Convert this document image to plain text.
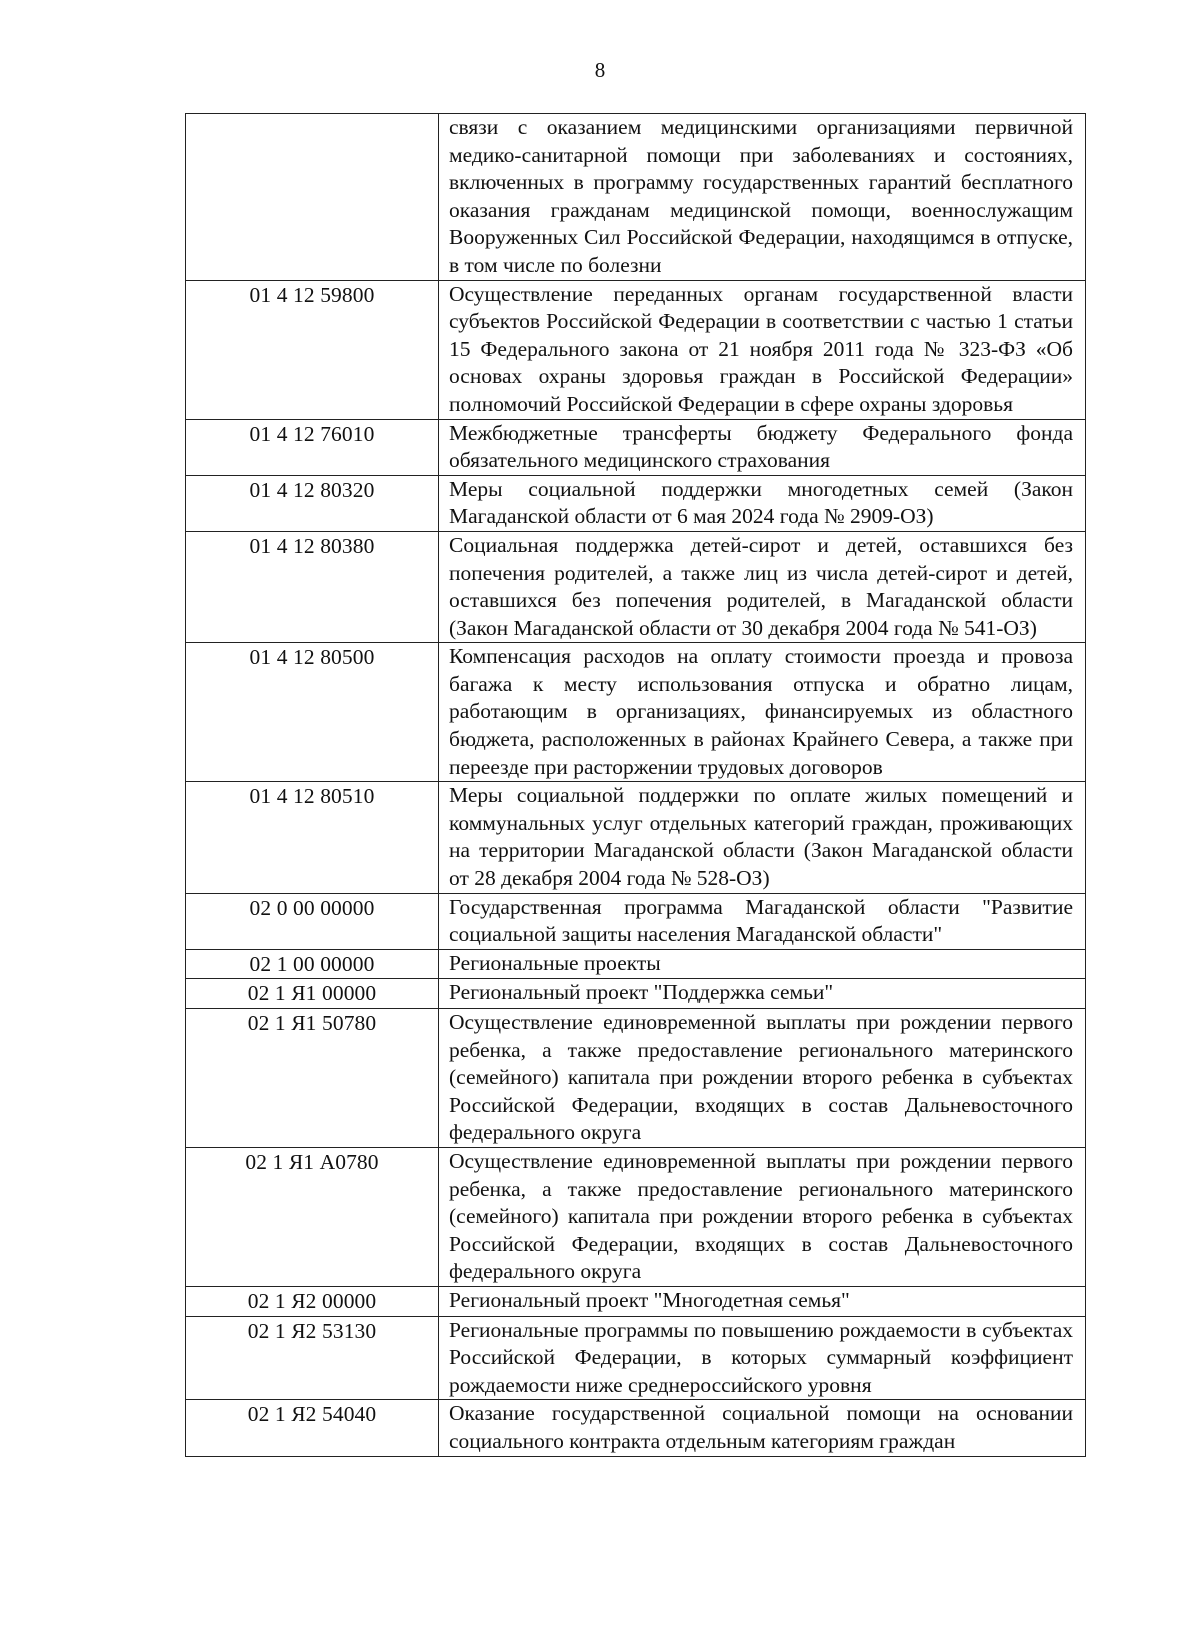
8
	связи с оказанием медицинскими организациями первичной медико-санитарной помощи при заболеваниях и состояниях, включенных в программу государственных гарантий бесплатного оказания гражданам медицинской помощи, военнослужащим Вооруженных Сил Российской Федерации, находящимся в отпуске, в том числе по болезни
01 4 12 59800	Осуществление переданных органам государственной власти субъектов Российской Федерации в соответствии с частью 1 статьи 15 Федерального закона от 21 ноября 2011 года № 323-ФЗ «Об основах охраны здоровья граждан в Российской Федерации» полномочий Российской Федерации в сфере охраны здоровья
01 4 12 76010	Межбюджетные трансферты бюджету Федерального фонда обязательного медицинского страхования
01 4 12 80320	Меры социальной поддержки многодетных семей (Закон Магаданской области от 6 мая 2024 года № 2909-ОЗ)
01 4 12 80380	Социальная поддержка детей-сирот и детей, оставшихся без попечения родителей, а также лиц из числа детей-сирот и детей, оставшихся без попечения родителей, в Магаданской области (Закон Магаданской области от 30 декабря 2004 года № 541-ОЗ)
01 4 12 80500	Компенсация расходов на оплату стоимости проезда и провоза багажа к месту использования отпуска и обратно лицам, работающим в организациях, финансируемых из областного бюджета, расположенных в районах Крайнего Севера, а также при переезде при расторжении трудовых договоров
01 4 12 80510	Меры социальной поддержки по оплате жилых помещений и коммунальных услуг отдельных категорий граждан, проживающих на территории Магаданской области (Закон Магаданской области от 28 декабря 2004 года № 528-ОЗ)
02 0 00 00000	Государственная программа Магаданской области "Развитие социальной защиты населения Магаданской области"
02 1 00 00000	Региональные проекты
02 1 Я1 00000	Региональный проект "Поддержка семьи"
02 1 Я1 50780	Осуществление единовременной выплаты при рождении первого ребенка, а также предоставление регионального материнского (семейного) капитала при рождении второго ребенка в субъектах Российской Федерации, входящих в состав Дальневосточного федерального округа
02 1 Я1 А0780	Осуществление единовременной выплаты при рождении первого ребенка, а также предоставление регионального материнского (семейного) капитала при рождении второго ребенка в субъектах Российской Федерации, входящих в состав Дальневосточного федерального округа
02 1 Я2 00000	Региональный проект "Многодетная семья"
02 1 Я2 53130	Региональные программы по повышению рождаемости в субъектах Российской Федерации, в которых суммарный коэффициент рождаемости ниже среднероссийского уровня
02 1 Я2 54040	Оказание государственной социальной помощи на основании социального контракта отдельным категориям граждан
